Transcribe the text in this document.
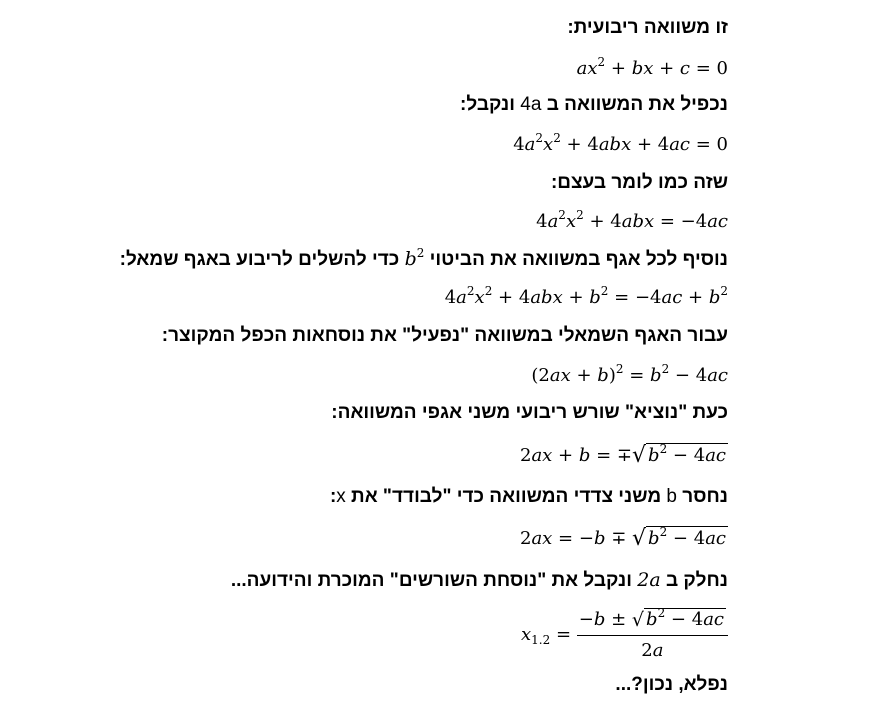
זו משוואה ריבועית:
$ax^2$ + bx + c = 0
נכפיל את המשוואה ב 4a ונקבל:
$4a^2x^2 + 4abx + 4ac = 0$
שזה כמו לומר בעצם:
$4a^2x^2 + 4abx = -4ac$
נוסיף לכל אגף במשוואה את הביטוי $b^2$ כדי להשלים לריבוע באגף שמאל:
$4a^2x^2 + 4abx + b^2 = -4ac + b^2$
עבור האגף השמאלי במשוואה "נפעיל" את נוסחאות הכפל המקוצר:
$(2ax + b)^2 = b^2 - 4ac$
כעת "נוציא" שורש ריבועי משני אגפי המשוואה:
2ax + b = ∓√ $b^2 - 4ac$
נחסר b משני צדדי המשוואה כדי "לבודד" את x:
2ax = −b ∓ √ $b^2 - 4ac$
נחלק ב 2a ונקבל את "נוסחת השורשים" המוכרת והידועה...
$x_{1.2} = \frac{-b \pm √ b^2 - 4ac}{2a}$
נפלא, נכון?...
